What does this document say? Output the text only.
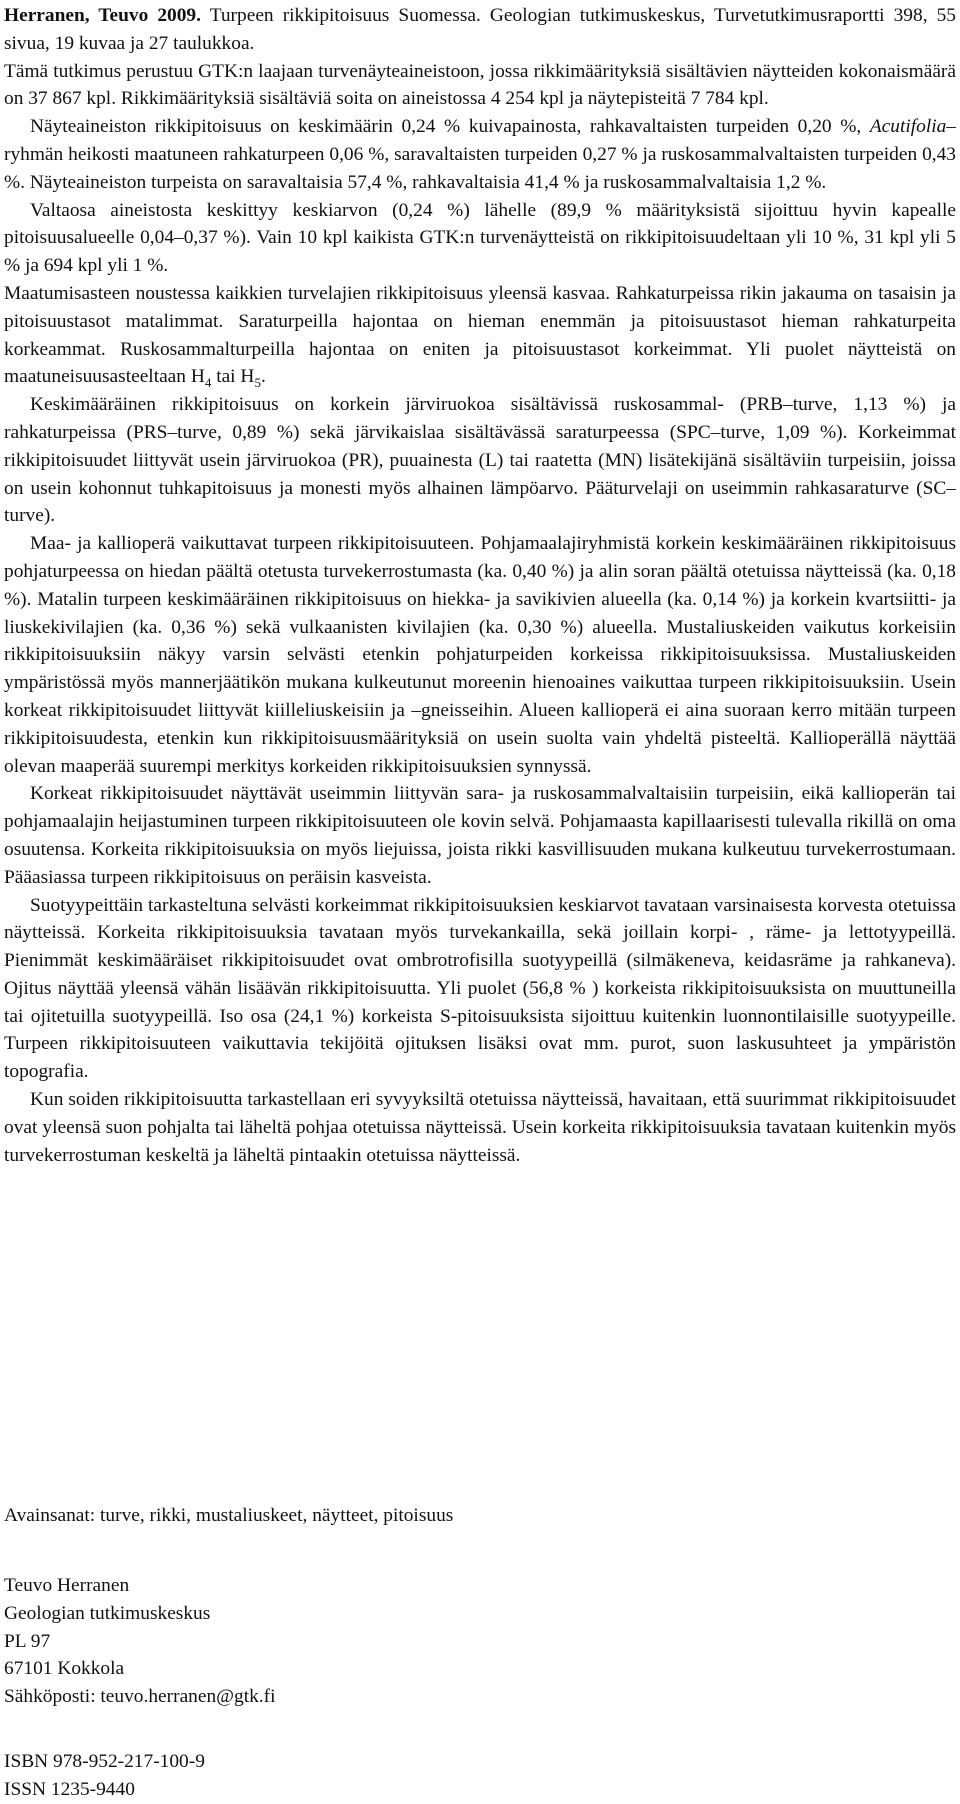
Herranen, Teuvo 2009. Turpeen rikkipitoisuus Suomessa. Geologian tutkimuskeskus, Turvetutkimusraportti 398, 55 sivua, 19 kuvaa ja 27 taulukkoa.

Tämä tutkimus perustuu GTK:n laajaan turvenäyteaineistoon, jossa rikkimäärityksiä sisältävien näytteiden kokonaismäärä on 37 867 kpl. Rikkimäärityksiä sisältäviä soita on aineistossa 4 254 kpl ja näytepisteitä 7 784 kpl.

Näyteaineiston rikkipitoisuus on keskimäärin 0,24 % kuivapainosta, rahkavaltaisten turpeiden 0,20 %, Acutifolia– ryhmän heikosti maatuneen rahkaturpeen 0,06 %, saravaltaisten turpeiden 0,27 % ja ruskosammalvaltaisten turpeiden 0,43 %. Näyteaineiston turpeista on saravaltaisia 57,4 %, rahkavaltaisia 41,4 % ja ruskosammalvaltaisia 1,2 %.

Valtaosa aineistosta keskittyy keskiarvon (0,24 %) lähelle (89,9 % määrityksistä sijoittuu hyvin kapealle pitoisuusalueelle 0,04–0,37 %). Vain 10 kpl kaikista GTK:n turvenäytteistä on rikkipitoisuudeltaan yli 10 %, 31 kpl yli 5 % ja 694 kpl yli 1 %.

Maatumisasteen noustessa kaikkien turvelajien rikkipitoisuus yleensä kasvaa. Rahkaturpeissa rikin jakauma on tasaisin ja pitoisuustasot matalimmat. Saraturpeilla hajontaa on hieman enemmän ja pitoisuustasot hieman rahkaturpeita korkeammat. Ruskosammalturpeilla hajontaa on eniten ja pitoisuustasot korkeimmat. Yli puolet näytteistä on maatuneisuusasteeltaan $H_4$ tai $H_5$.

Keskimääräinen rikkipitoisuus on korkein järviruokoa sisältävissä ruskosammal- (PRB–turve, 1,13 %) ja rahkaturpeissa (PRS–turve, 0,89 %) sekä järvikaislaa sisältävässä saraturpeessa (SPC–turve, 1,09 %). Korkeimmat rikkipitoisuudet liittyvät usein järviruokoa (PR), puuainesta (L) tai raatetta (MN) lisätekijänä sisältäviin turpeisiin, joissa on usein kohonnut tuhkapitoisuus ja monesti myös alhainen lämpöarvo. Pääturvelaji on useimmin rahkasaraturve (SC–turve).

Maa- ja kallioperä vaikuttavat turpeen rikkipitoisuuteen. Pohjamaalajiryhmistä korkein keskimääräinen rikkipitoisuus pohjaturpeessa on hiedan päältä otetusta turvekerrostumasta (ka. 0,40 %) ja alin soran päältä otetuissa näytteissä (ka. 0,18 %). Matalin turpeen keskimääräinen rikkipitoisuus on hiekka- ja savikivien alueella (ka. 0,14 %) ja korkein kvartsiitti- ja liuskekivilajien (ka. 0,36 %) sekä vulkaanisten kivilajien (ka. 0,30 %) alueella. Mustaliuskeiden vaikutus korkeisiin rikkipitoisuuksiin näkyy varsin selvästi etenkin pohjaturpeiden korkeissa rikkipitoisuuksissa. Mustaliuskeiden ympäristössä myös mannerjäätikön mukana kulkeutunut moreenin hienoaines vaikuttaa turpeen rikkipitoisuuksiin. Usein korkeat rikkipitoisuudet liittyvät kiilleliuskeisiin ja –gneisseihin. Alueen kallioperä ei aina suoraan kerro mitään turpeen rikkipitoisuudesta, etenkin kun rikkipitoisuusmäärityksiä on usein suolta vain yhdeltä pisteeltä. Kallioperällä näyttää olevan maaperää suurempi merkitys korkeiden rikkipitoisuuksien synnyssä.

Korkeat rikkipitoisuudet näyttävät useimmin liittyvän sara- ja ruskosammalvaltaisiin turpeisiin, eikä kallioperän tai pohjamaalajin heijastuminen turpeen rikkipitoisuuteen ole kovin selvä. Pohjamaasta kapillaarisesti tulevalla rikillä on oma osuutensa. Korkeita rikkipitoisuuksia on myös liejuissa, joista rikki kasvillisuuden mukana kulkeutuu turvekerrostumaan. Pääasiassa turpeen rikkipitoisuus on peräisin kasveista.

Suotyypeittäin tarkasteltuna selvästi korkeimmat rikkipitoisuuksien keskiarvot tavataan varsinaisesta korvesta otetuissa näytteissä. Korkeita rikkipitoisuuksia tavataan myös turvekankailla, sekä joillain korpi- , räme- ja lettotyypeillä. Pienimmät keskimääräiset rikkipitoisuudet ovat ombrotrofisilla suotyypeillä (silmäkeneva, keidasräme ja rahkaneva). Ojitus näyttää yleensä vähän lisäävän rikkipitoisuutta. Yli puolet (56,8 % ) korkeista rikkipitoisuuksista on muuttuneilla tai ojitetuilla suotyypeillä. Iso osa (24,1 %) korkeista S-pitoisuuksista sijoittuu kuitenkin luonnontilaisille suotyypeille. Turpeen rikkipitoisuuteen vaikuttavia tekijöitä ojituksen lisäksi ovat mm. purot, suon laskusuhteet ja ympäristön topografia.

Kun soiden rikkipitoisuutta tarkastellaan eri syvyyksiltä otetuissa näytteissä, havaitaan, että suurimmat rikkipitoisuudet ovat yleensä suon pohjalta tai läheltä pohjaa otetuissa näytteissä. Usein korkeita rikkipitoisuuksia tavataan kuitenkin myös turvekerrostuman keskeltä ja läheltä pintaakin otetuissa näytteissä.

Avainsanat: turve, rikki, mustaliuskeet, näytteet, pitoisuus

Teuvo Herranen
Geologian tutkimuskeskus
PL 97
67101 Kokkola
Sähköposti: teuvo.herranen@gtk.fi
ISBN 978-952-217-100-9
ISSN 1235-9440
